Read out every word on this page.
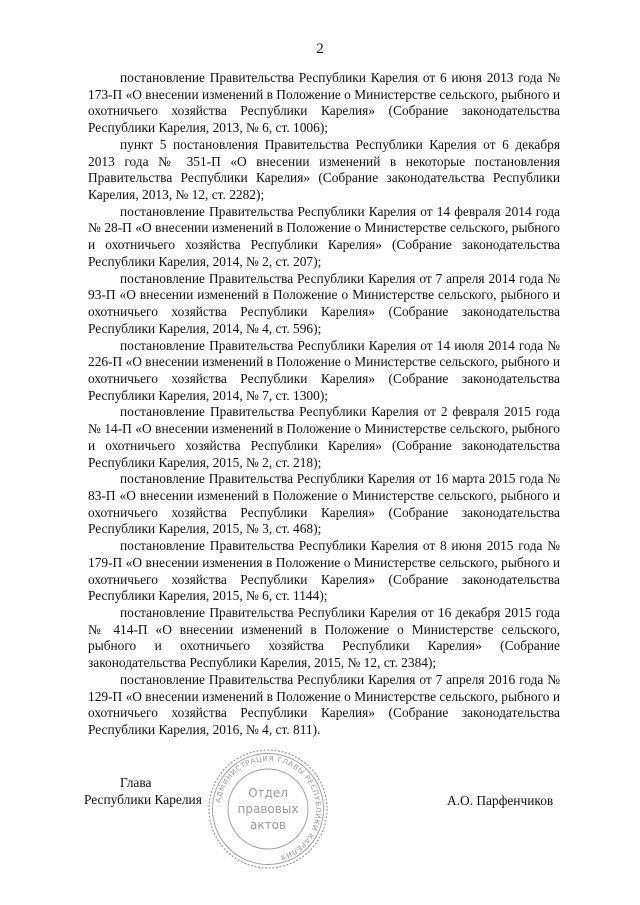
2

постановление Правительства Республики Карелия от 6 июня 2013 года № 173-П «О внесении изменений в Положение о Министерстве сельского, рыбного и охотничьего хозяйства Республики Карелия» (Собрание законодательства Республики Карелия, 2013, № 6, ст. 1006);

пункт 5 постановления Правительства Республики Карелия от 6 декабря 2013 года № 351-П «О внесении изменений в некоторые постановления Правительства Республики Карелия» (Собрание законодательства Республики Карелия, 2013, № 12, ст. 2282);

постановление Правительства Республики Карелия от 14 февраля 2014 года № 28-П «О внесении изменений в Положение о Министерстве сельского, рыбного и охотничьего хозяйства Республики Карелия» (Собрание законодательства Республики Карелия, 2014, № 2, ст. 207);

постановление Правительства Республики Карелия от 7 апреля 2014 года № 93-П «О внесении изменений в Положение о Министерстве сельского, рыбного и охотничьего хозяйства Республики Карелия» (Собрание законодательства Республики Карелия, 2014, № 4, ст. 596);

постановление Правительства Республики Карелия от 14 июля 2014 года № 226-П «О внесении изменений в Положение о Министерстве сельского, рыбного и охотничьего хозяйства Республики Карелия» (Собрание законодательства Республики Карелия, 2014, № 7, ст. 1300);

постановление Правительства Республики Карелия от 2 февраля 2015 года № 14-П «О внесении изменений в Положение о Министерстве сельского, рыбного и охотничьего хозяйства Республики Карелия» (Собрание законодательства Республики Карелия, 2015, № 2, ст. 218);

постановление Правительства Республики Карелия от 16 марта 2015 года № 83-П «О внесении изменений в Положение о Министерстве сельского, рыбного и охотничьего хозяйства Республики Карелия» (Собрание законодательства Республики Карелия, 2015, № 3, ст. 468);

постановление Правительства Республики Карелия от 8 июня 2015 года № 179-П «О внесении изменения в Положение о Министерстве сельского, рыбного и охотничьего хозяйства Республики Карелия» (Собрание законодательства Республики Карелия, 2015, № 6, ст. 1144);

постановление Правительства Республики Карелия от 16 декабря 2015 года № 414-П «О внесении изменений в Положение о Министерстве сельского, рыбного и охотничьего хозяйства Республики Карелия» (Собрание законодательства Республики Карелия, 2015, № 12, ст. 2384);

постановление Правительства Республики Карелия от 7 апреля 2016 года № 129-П «О внесении изменений в Положение о Министерстве сельского, рыбного и охотничьего хозяйства Республики Карелия» (Собрание законодательства Республики Карелия, 2016, № 4, ст. 811).

Глава
Республики Карелия	А.О. Парфенчиков
АДМИНИСТРАЦИЯ ГЛАВЫ РЕСПУБЛИКИ КАРЕЛИЯ
Отдел
правовых
актов
